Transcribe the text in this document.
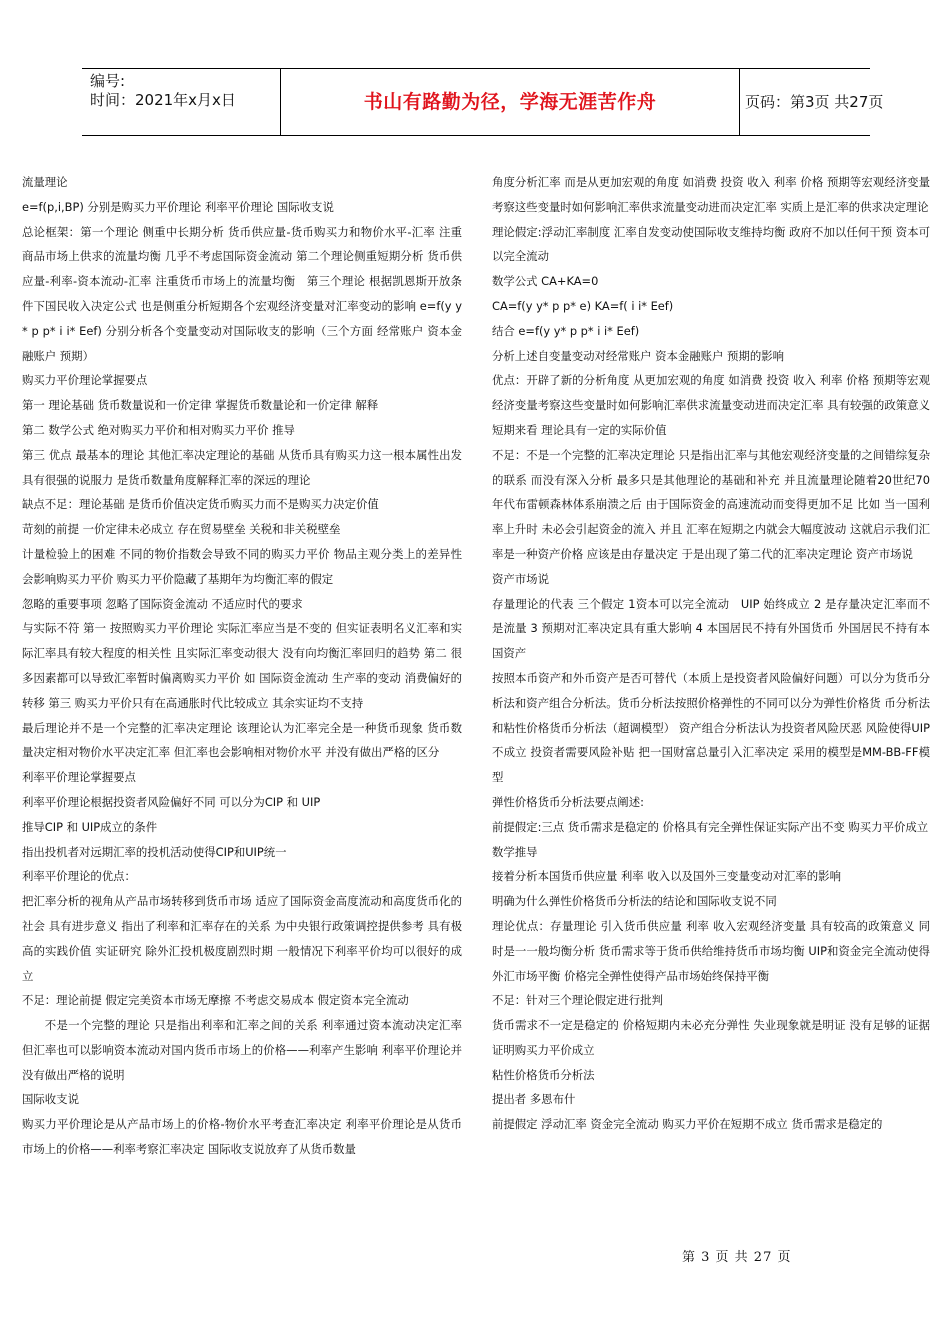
编号:
时间：2021年x月x日	书山有路勤为径，学海无涯苦作舟	页码：第3页 共27页

流量理论

e=f(p,i,BP) 分别是购买力平价理论 利率平价理论 国际收支说

总论框架：第一个理论 侧重中长期分析 货币供应量-货币购买力和物价水平-汇率 注重商品市场上供求的流量均衡 几乎不考虑国际资金流动 第二个理论侧重短期分析 货币供应量-利率-资本流动-汇率 注重货币市场上的流量均衡　第三个理论 根据凯恩斯开放条件下国民收入决定公式 也是侧重分析短期各个宏观经济变量对汇率变动的影响 e=f(y y* p p* i i* Eef) 分别分析各个变量变动对国际收支的影响（三个方面 经常账户 资本金融账户 预期）

购买力平价理论掌握要点

第一 理论基础 货币数量说和一价定律 掌握货币数量论和一价定律 解释

第二 数学公式 绝对购买力平价和相对购买力平价 推导

第三 优点 最基本的理论 其他汇率决定理论的基础 从货币具有购买力这一根本属性出发 具有很强的说服力 是货币数量角度解释汇率的深远的理论

缺点不足：理论基础 是货币价值决定货币购买力而不是购买力决定价值

苛刻的前提 一价定律未必成立 存在贸易壁垒 关税和非关税壁垒

计量检验上的困难 不同的物价指数会导致不同的购买力平价 物品主观分类上的差异性会影响购买力平价 购买力平价隐藏了基期年为均衡汇率的假定

忽略的重要事项 忽略了国际资金流动 不适应时代的要求

与实际不符 第一 按照购买力平价理论 实际汇率应当是不变的 但实证表明名义汇率和实际汇率具有较大程度的相关性 且实际汇率变动很大 没有向均衡汇率回归的趋势 第二 很多因素都可以导致汇率暂时偏离购买力平价 如 国际资金流动 生产率的变动 消费偏好的转移 第三 购买力平价只有在高通胀时代比较成立 其余实证均不支持

最后理论并不是一个完整的汇率决定理论 该理论认为汇率完全是一种货币现象 货币数量决定相对物价水平决定汇率 但汇率也会影响相对物价水平 并没有做出严格的区分

利率平价理论掌握要点

利率平价理论根据投资者风险偏好不同 可以分为CIP 和 UIP

推导CIP 和 UIP成立的条件

指出投机者对远期汇率的投机活动使得CIP和UIP统一

利率平价理论的优点：

把汇率分析的视角从产品市场转移到货币市场 适应了国际资金高度流动和高度货币化的社会 具有进步意义 指出了利率和汇率存在的关系 为中央银行政策调控提供参考 具有极高的实践价值 实证研究 除外汇投机极度剧烈时期 一般情况下利率平价均可以很好的成立

不足：理论前提 假定完美资本市场无摩擦 不考虑交易成本 假定资本完全流动

不是一个完整的理论 只是指出利率和汇率之间的关系 利率通过资本流动决定汇率 但汇率也可以影响资本流动对国内货币市场上的价格——利率产生影响 利率平价理论并没有做出严格的说明

国际收支说

购买力平价理论是从产品市场上的价格-物价水平考查汇率决定 利率平价理论是从货币市场上的价格——利率考察汇率决定 国际收支说放弃了从货币数量

角度分析汇率 而是从更加宏观的角度 如消费 投资 收入 利率 价格 预期等宏观经济变量考察这些变量时如何影响汇率供求流量变动进而决定汇率 实质上是汇率的供求决定理论

理论假定:浮动汇率制度 汇率自发变动使国际收支维持均衡 政府不加以任何干预 资本可以完全流动

数学公式 CA+KA=0

CA=f(y y* p p* e) KA=f( i i* Eef)

结合 e=f(y y* p p* i i* Eef)

分析上述自变量变动对经常账户 资本金融账户 预期的影响

优点：开辟了新的分析角度 从更加宏观的角度 如消费 投资 收入 利率 价格 预期等宏观经济变量考察这些变量时如何影响汇率供求流量变动进而决定汇率 具有较强的政策意义 短期来看 理论具有一定的实际价值

不足：不是一个完整的汇率决定理论 只是指出汇率与其他宏观经济变量的之间错综复杂的联系 而没有深入分析 最多只是其他理论的基础和补充 并且流量理论随着20世纪70年代布雷顿森林体系崩溃之后 由于国际资金的高速流动而变得更加不足 比如 当一国利率上升时 未必会引起资金的流入 并且 汇率在短期之内就会大幅度波动 这就启示我们汇率是一种资产价格 应该是由存量决定 于是出现了第二代的汇率决定理论 资产市场说

资产市场说

存量理论的代表 三个假定 1资本可以完全流动　UIP 始终成立 2 是存量决定汇率而不是流量 3 预期对汇率决定具有重大影响 4 本国居民不持有外国货币 外国居民不持有本国资产

按照本币资产和外币资产是否可替代（本质上是投资者风险偏好问题）可以分为货币分析法和资产组合分析法。货币分析法按照价格弹性的不同可以分为弹性价格货 币分析法和粘性价格货币分析法（超调模型） 资产组合分析法认为投资者风险厌恶 风险使得UIP不成立 投资者需要风险补贴 把一国财富总量引入汇率决定 采用的模型是MM-BB-FF模型

弹性价格货币分析法要点阐述:

前提假定:三点 货币需求是稳定的 价格具有完全弹性保证实际产出不变 购买力平价成立

数学推导

接着分析本国货币供应量 利率 收入以及国外三变量变动对汇率的影响

明确为什么弹性价格货币分析法的结论和国际收支说不同

理论优点：存量理论 引入货币供应量 利率 收入宏观经济变量 具有较高的政策意义 同时是一一般均衡分析 货币需求等于货币供给维持货币市场均衡 UIP和资金完全流动使得外汇市场平衡 价格完全弹性使得产品市场始终保持平衡

不足：针对三个理论假定进行批判

货币需求不一定是稳定的 价格短期内未必充分弹性 失业现象就是明证 没有足够的证据证明购买力平价成立

粘性价格货币分析法

提出者 多恩布什

前提假定 浮动汇率 资金完全流动 购买力平价在短期不成立 货币需求是稳定的

第 3 页 共 27 页
